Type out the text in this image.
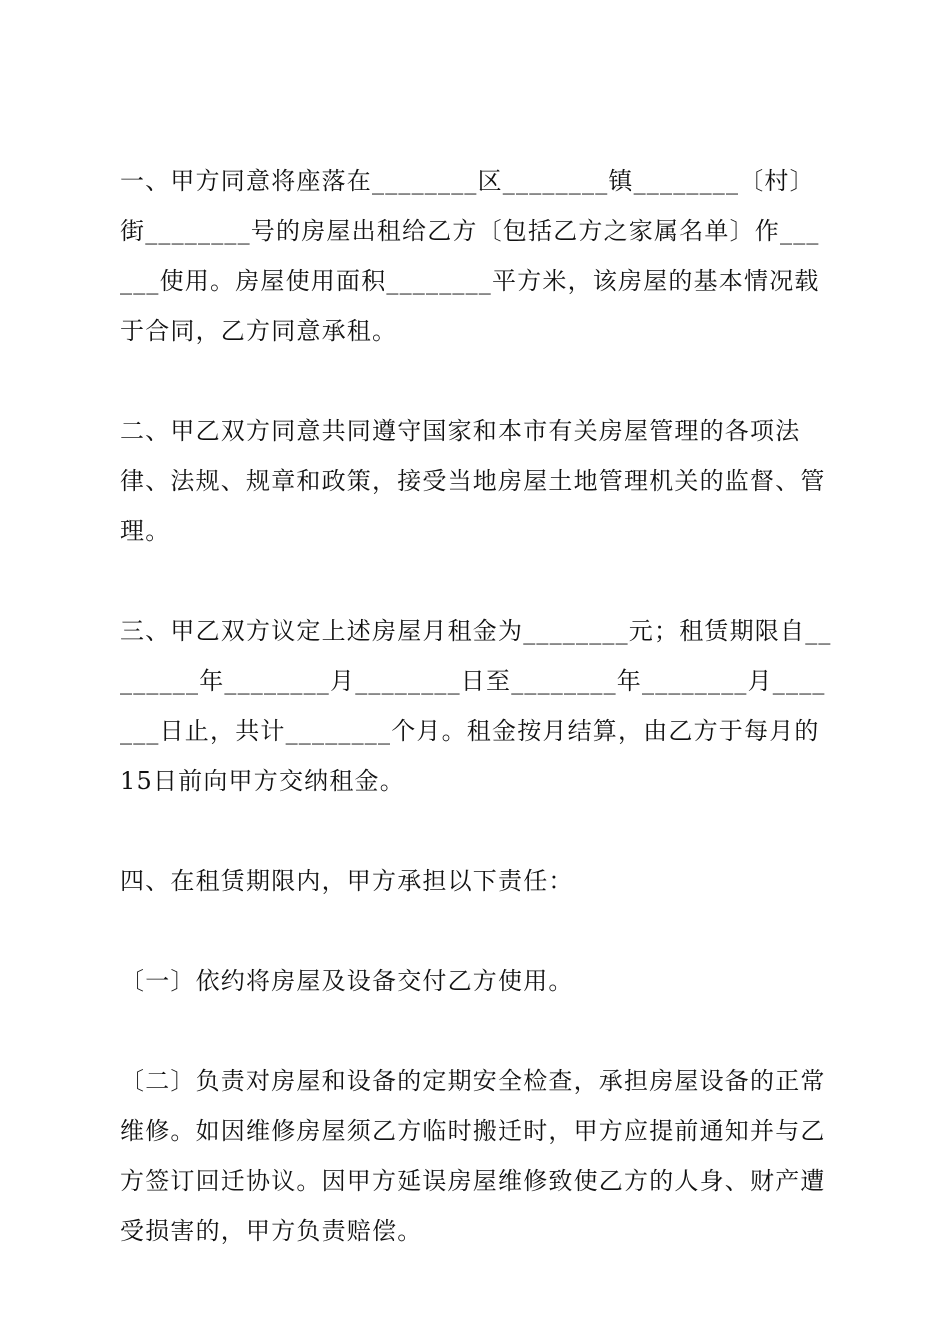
一、甲方同意将座落在________区________镇________〔村〕街________号的房屋出租给乙方〔包括乙方之家属名单〕作______使用。房屋使用面积________平方米，该房屋的基本情况载于合同，乙方同意承租。

二、甲乙双方同意共同遵守国家和本市有关房屋管理的各项法律、法规、规章和政策，接受当地房屋土地管理机关的监督、管理。

三、甲乙双方议定上述房屋月租金为________元；租赁期限自________年________月________日至________年________月_______日止，共计________个月。租金按月结算，由乙方于每月的15日前向甲方交纳租金。

四、在租赁期限内，甲方承担以下责任：

〔一〕依约将房屋及设备交付乙方使用。

〔二〕负责对房屋和设备的定期安全检查，承担房屋设备的正常维修。如因维修房屋须乙方临时搬迁时，甲方应提前通知并与乙方签订回迁协议。因甲方延误房屋维修致使乙方的人身、财产遭受损害的，甲方负责赔偿。
